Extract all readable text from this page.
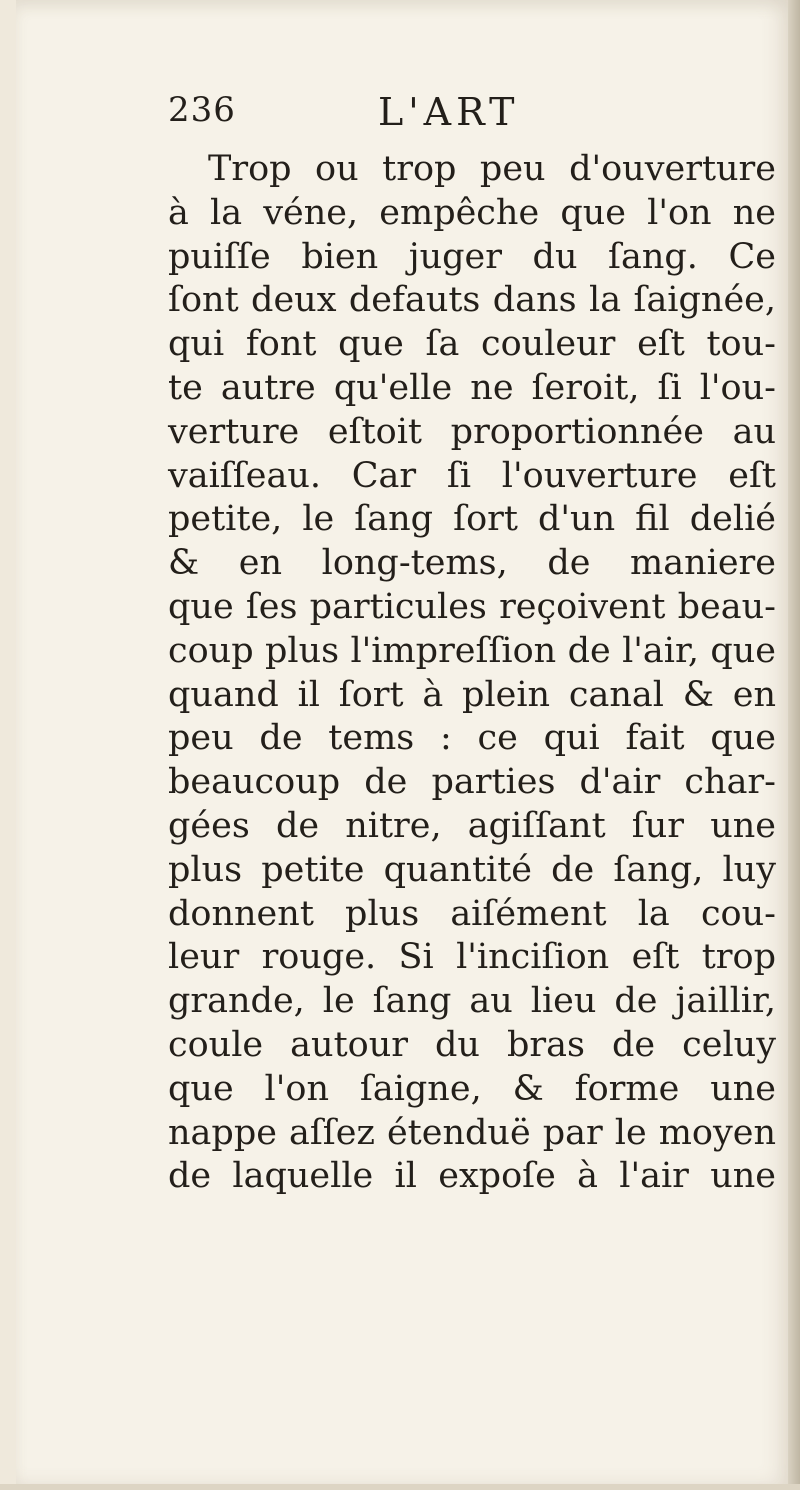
236	L'ART
Trop ou trop peu d'ouverture
à la véne, empêche que l'on ne
puiſſe bien juger du ſang. Ce
ſont deux defauts dans la ſaignée,
qui font que ſa couleur eſt tou-
te autre qu'elle ne ſeroit, ſi l'ou-
verture eſtoit proportionnée au
vaiſſeau. Car ſi l'ouverture eſt
petite, le ſang ſort d'un fil delié
& en long-tems, de maniere
que ſes particules reçoivent beau-
coup plus l'impreſſion de l'air, que
quand il ſort à plein canal & en
peu de tems : ce qui fait que
beaucoup de parties d'air char-
gées de nitre, agiſſant ſur une
plus petite quantité de ſang, luy
donnent plus aiſément la cou-
leur rouge. Si l'inciſion eſt trop
grande, le ſang au lieu de jaillir,
coule autour du bras de celuy
que l'on ſaigne, & forme une
nappe aſſez étenduë par le moyen
de laquelle il expoſe à l'air une
